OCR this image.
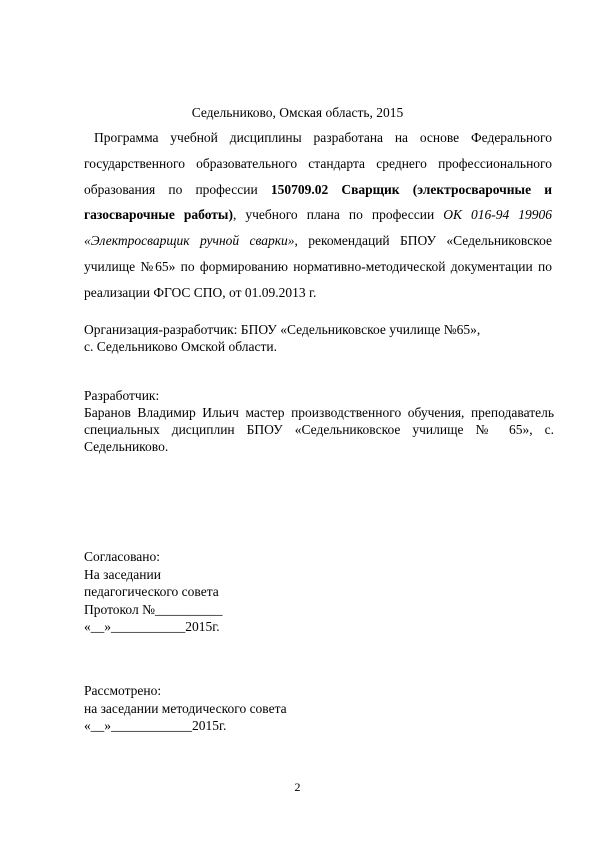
Седельниково, Омская область, 2015

Программа учебной дисциплины разработана на основе Федерального государственного образовательного стандарта среднего профессионального образования по профессии 150709.02 Сварщик (электросварочные и газосварочные работы), учебного плана по профессии ОК 016-94 19906 «Электросварщик ручной сварки», рекомендаций БПОУ «Седельниковское училище №65» по формированию нормативно-методической документации по реализации ФГОС СПО, от 01.09.2013 г.

Организация-разработчик: БПОУ «Седельниковское училище №65»,

с. Седельниково Омской области.

Разработчик:

Баранов Владимир Ильич мастер производственного обучения, преподаватель специальных дисциплин БПОУ «Седельниковское училище № 65», с. Седельниково.

Согласовано:

На заседании

педагогического совета

Протокол №__________

«__»___________2015г.

Рассмотрено:

на заседании методического совета

«__»____________2015г.

2
